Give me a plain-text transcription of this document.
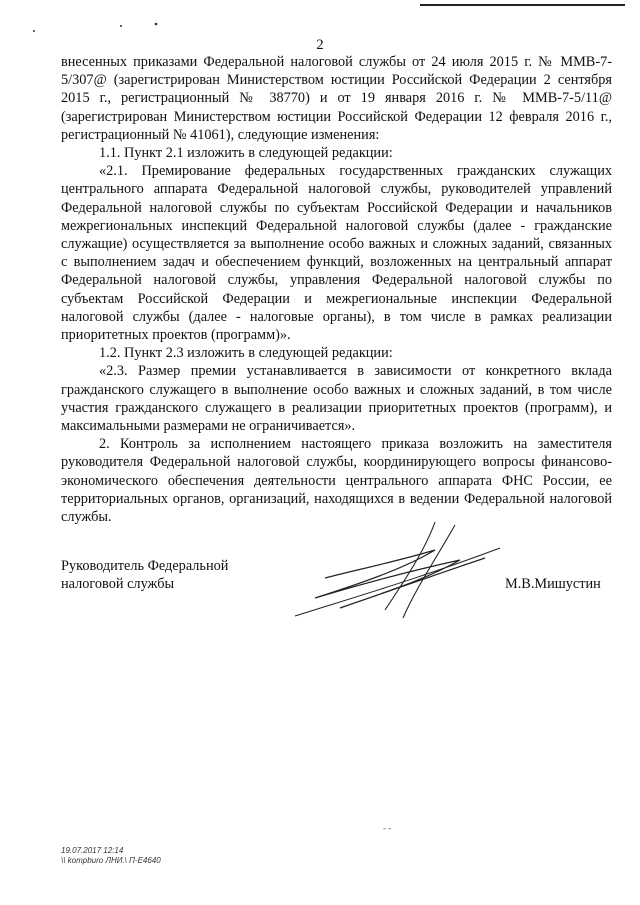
2

внесенных приказами Федеральной налоговой службы от 24 июля 2015 г. № ММВ-7-5/307@ (зарегистрирован Министерством юстиции Российской Федерации 2 сентября 2015 г., регистрационный № 38770) и от 19 января 2016 г. № ММВ-7-5/11@ (зарегистрирован Министерством юстиции Российской Федерации 12 февраля 2016 г., регистрационный № 41061), следующие изменения:

1.1. Пункт 2.1 изложить в следующей редакции:

«2.1. Премирование федеральных государственных гражданских служащих центрального аппарата Федеральной налоговой службы, руководителей управлений Федеральной налоговой службы по субъектам Российской Федерации и начальников межрегиональных инспекций Федеральной налоговой службы (далее - гражданские служащие) осуществляется за выполнение особо важных и сложных заданий, связанных с выполнением задач и обеспечением функций, возложенных на центральный аппарат Федеральной налоговой службы, управления Федеральной налоговой службы по субъектам Российской Федерации и межрегиональные инспекции Федеральной налоговой службы (далее - налоговые органы), в том числе в рамках реализации приоритетных проектов (программ)».

1.2. Пункт 2.3 изложить в следующей редакции:

«2.3. Размер премии устанавливается в зависимости от конкретного вклада гражданского служащего в выполнение особо важных и сложных заданий, в том числе участия гражданского служащего в реализации приоритетных проектов (программ), и максимальными размерами не ограничивается».

2. Контроль за исполнением настоящего приказа возложить на заместителя руководителя Федеральной налоговой службы, координирующего вопросы финансово-экономического обеспечения деятельности центрального аппарата ФНС России, ее территориальных органов, организаций, находящихся в ведении Федеральной налоговой службы.

Руководитель Федеральной
налоговой службы	М.В.Мишустин
- -
19.07.2017 12:14
\\ kompburo ЛНИ.\ П-Е4640
